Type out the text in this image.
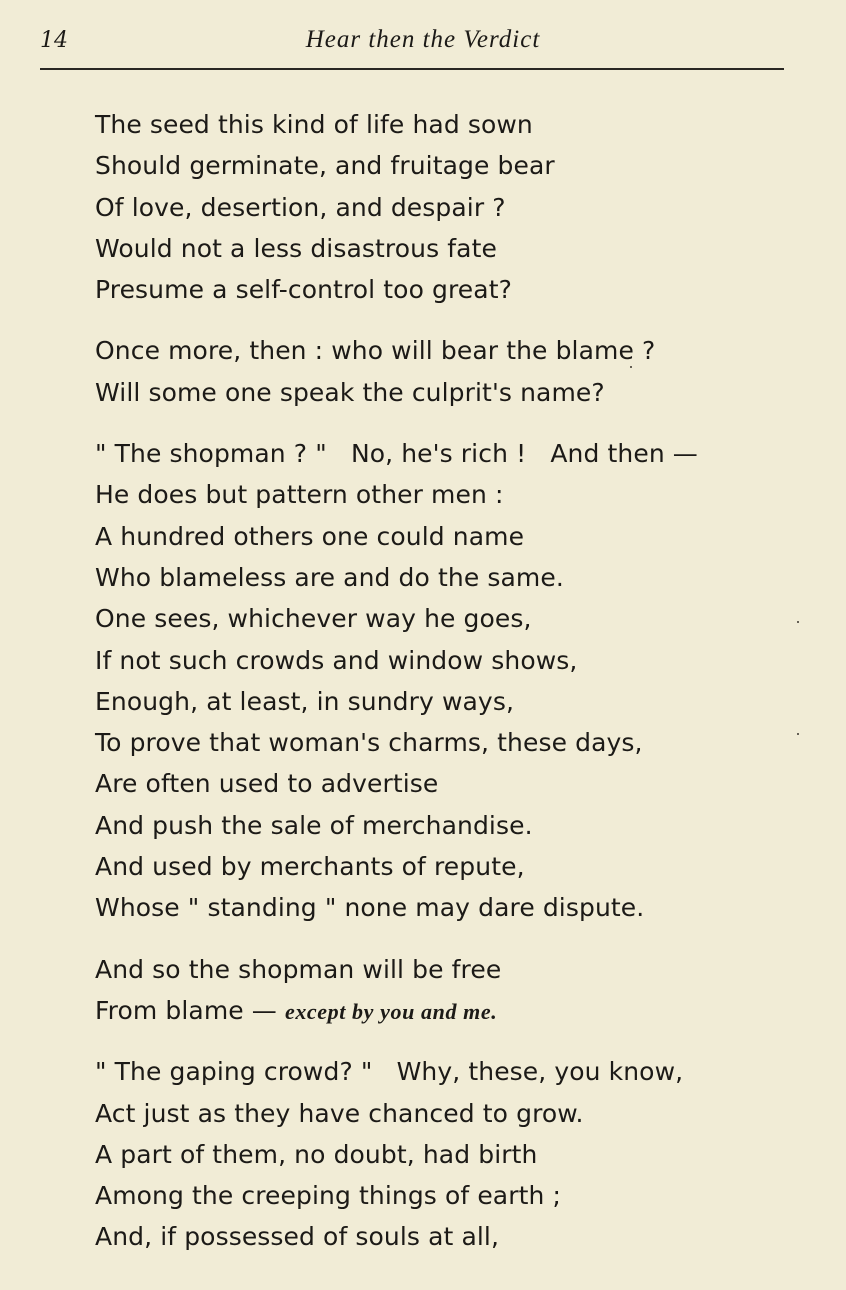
14	Hear then the Verdict
The seed this kind of life had sown
Should germinate, and fruitage bear
Of love, desertion, and despair ?
Would not a less disastrous fate
Presume a self-control too great?
Once more, then : who will bear the blame ?
Will some one speak the culprit's name?
" The shopman ? "   No, he's rich !   And then —
He does but pattern other men :
A hundred others one could name
Who blameless are and do the same.
One sees, whichever way he goes,
If not such crowds and window shows,
Enough, at least, in sundry ways,
To prove that woman's charms, these days,
Are often used to advertise
And push the sale of merchandise.
And used by merchants of repute,
Whose " standing " none may dare dispute.
And so the shopman will be free
From blame — except by you and me.
" The gaping crowd? "   Why, these, you know,
Act just as they have chanced to grow.
A part of them, no doubt, had birth
Among the creeping things of earth ;
And, if possessed of souls at all,
